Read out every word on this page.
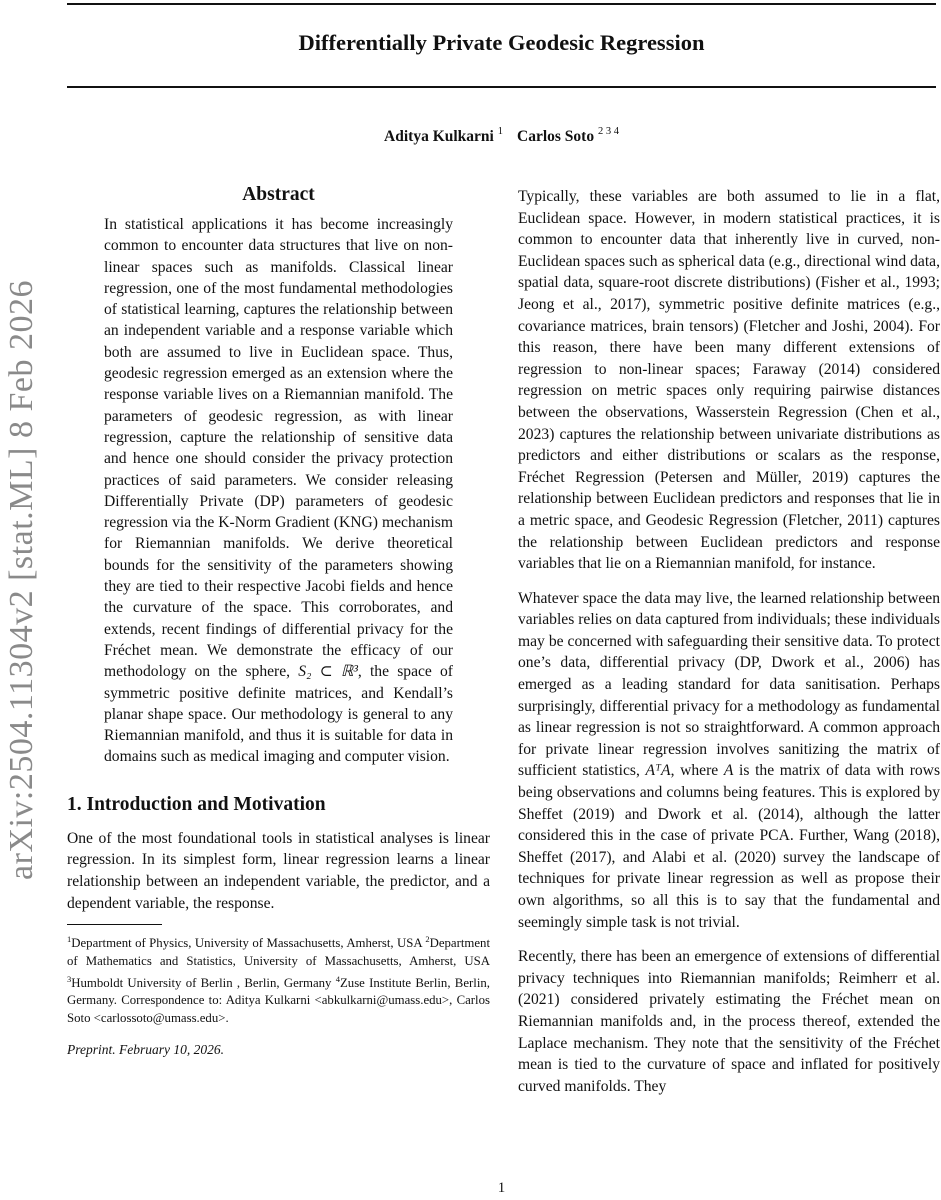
arXiv:2504.11304v2 [stat.ML] 8 Feb 2026
Differentially Private Geodesic Regression
Aditya Kulkarni $^1$ Carlos Soto $^{2 3 4}$
Abstract

In statistical applications it has become increasingly common to encounter data structures that live on non-linear spaces such as manifolds. Classical linear regression, one of the most fundamental methodologies of statistical learning, captures the relationship between an independent variable and a response variable which both are assumed to live in Euclidean space. Thus, geodesic regression emerged as an extension where the response variable lives on a Riemannian manifold. The parameters of geodesic regression, as with linear regression, capture the relationship of sensitive data and hence one should consider the privacy protection practices of said parameters. We consider releasing Differentially Private (DP) parameters of geodesic regression via the K-Norm Gradient (KNG) mechanism for Riemannian manifolds. We derive theoretical bounds for the sensitivity of the parameters showing they are tied to their respective Jacobi fields and hence the curvature of the space. This corroborates, and extends, recent findings of differential privacy for the Fréchet mean. We demonstrate the efficacy of our methodology on the sphere, S₂ ⊂ ℝ³, the space of symmetric positive definite matrices, and Kendall’s planar shape space. Our methodology is general to any Riemannian manifold, and thus it is suitable for data in domains such as medical imaging and computer vision.

1. Introduction and Motivation

One of the most foundational tools in statistical analyses is linear regression. In its simplest form, linear regression learns a linear relationship between an independent variable, the predictor, and a dependent variable, the response.

$^1$Department of Physics, University of Massachusetts, Amherst, USA $^2$Department of Mathematics and Statistics, University of Massachusetts, Amherst, USA $^3$Humboldt University of Berlin , Berlin, Germany $^4$Zuse Institute Berlin, Berlin, Germany. Correspondence to: Aditya Kulkarni <abkulkarni@umass.edu>, Carlos Soto <carlossoto@umass.edu>.

Preprint. February 10, 2026.

Typically, these variables are both assumed to lie in a flat, Euclidean space. However, in modern statistical practices, it is common to encounter data that inherently live in curved, non-Euclidean spaces such as spherical data (e.g., directional wind data, spatial data, square-root discrete distributions) (Fisher et al., 1993; Jeong et al., 2017), symmetric positive definite matrices (e.g., covariance matrices, brain tensors) (Fletcher and Joshi, 2004). For this reason, there have been many different extensions of regression to non-linear spaces; Faraway (2014) considered regression on metric spaces only requiring pairwise distances between the observations, Wasserstein Regression (Chen et al., 2023) captures the relationship between univariate distributions as predictors and either distributions or scalars as the response, Fréchet Regression (Petersen and Müller, 2019) captures the relationship between Euclidean predictors and responses that lie in a metric space, and Geodesic Regression (Fletcher, 2011) captures the relationship between Euclidean predictors and response variables that lie on a Riemannian manifold, for instance.

Whatever space the data may live, the learned relationship between variables relies on data captured from individuals; these individuals may be concerned with safeguarding their sensitive data. To protect one’s data, differential privacy (DP, Dwork et al., 2006) has emerged as a leading standard for data sanitisation. Perhaps surprisingly, differential privacy for a methodology as fundamental as linear regression is not so straightforward. A common approach for private linear regression involves sanitizing the matrix of sufficient statistics, AᵀA, where A is the matrix of data with rows being observations and columns being features. This is explored by Sheffet (2019) and Dwork et al. (2014), although the latter considered this in the case of private PCA. Further, Wang (2018), Sheffet (2017), and Alabi et al. (2020) survey the landscape of techniques for private linear regression as well as propose their own algorithms, so all this is to say that the fundamental and seemingly simple task is not trivial.

Recently, there has been an emergence of extensions of differential privacy techniques into Riemannian manifolds; Reimherr et al. (2021) considered privately estimating the Fréchet mean on Riemannian manifolds and, in the process thereof, extended the Laplace mechanism. They note that the sensitivity of the Fréchet mean is tied to the curvature of space and inflated for positively curved manifolds. They

1
